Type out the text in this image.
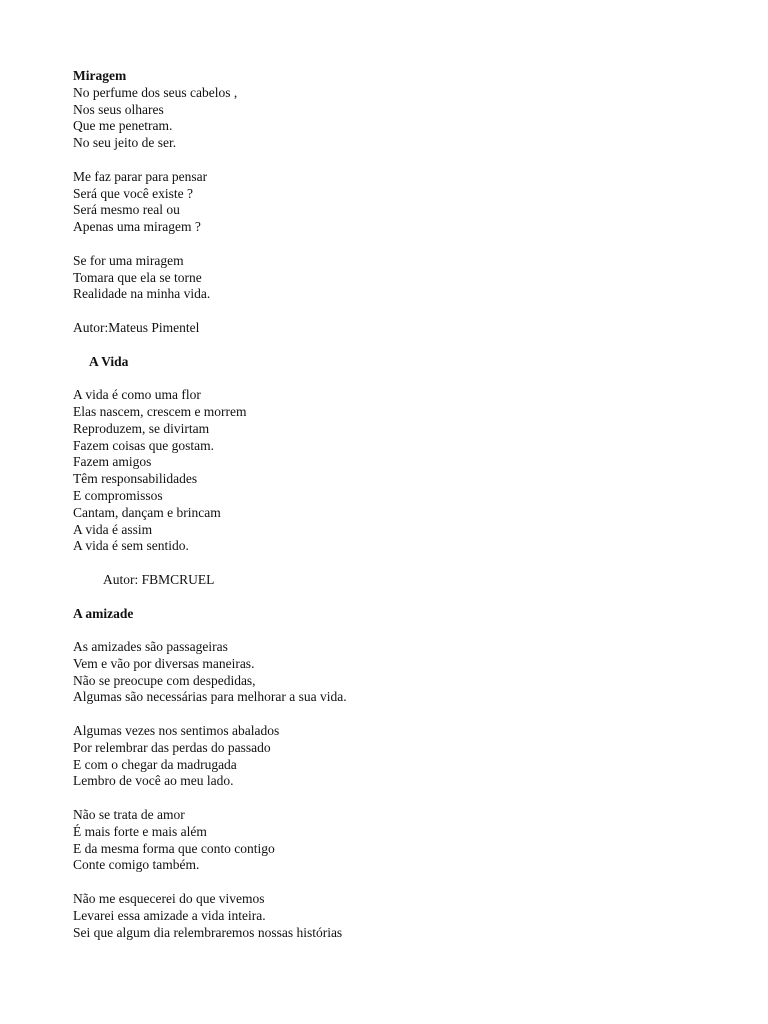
Miragem
No perfume dos seus cabelos ,
Nos seus olhares
Que me penetram.
No seu jeito de ser.
Me faz parar para pensar
Será que você existe ?
Será mesmo real ou
Apenas uma miragem ?
Se for uma miragem
Tomara que ela se torne
Realidade na minha vida.
Autor:Mateus Pimentel
A Vida
A vida é como uma flor
Elas nascem, crescem e morrem
Reproduzem, se divirtam
Fazem coisas que gostam.
Fazem amigos
Têm responsabilidades
E compromissos
Cantam, dançam e brincam
A vida é assim
A vida é sem sentido.
Autor: FBMCRUEL
A amizade
As amizades são passageiras
Vem e vão por diversas maneiras.
Não se preocupe com despedidas,
Algumas são necessárias para melhorar a sua vida.
Algumas vezes nos sentimos abalados
Por relembrar das perdas do passado
E com o chegar da madrugada
Lembro de você ao meu lado.
Não se trata de amor
É mais forte e mais além
E da mesma forma que conto contigo
Conte comigo também.
Não me esquecerei do que vivemos
Levarei essa amizade a vida inteira.
Sei que algum dia relembraremos nossas histórias
